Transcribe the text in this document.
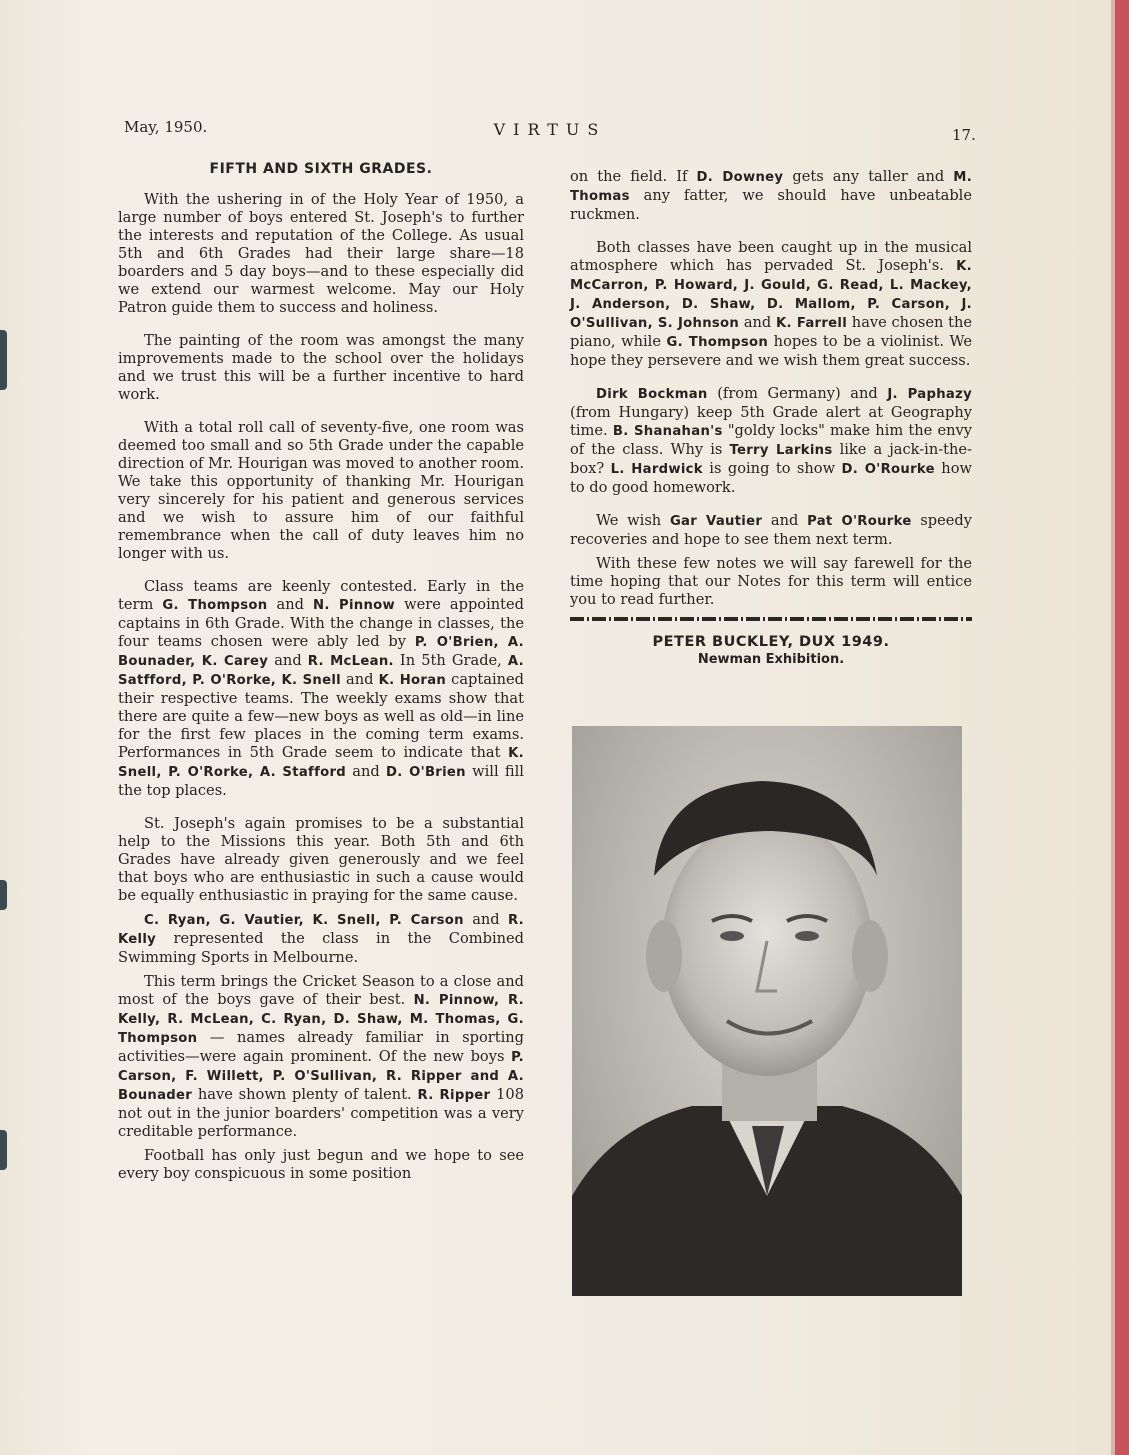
May, 1950.	VIRTUS	17.
FIFTH AND SIXTH GRADES.

With the ushering in of the Holy Year of 1950, a large number of boys entered St. Joseph's to further the interests and reputation of the College. As usual 5th and 6th Grades had their large share—18 boarders and 5 day boys—and to these especially did we extend our warmest welcome. May our Holy Patron guide them to success and holiness.

The painting of the room was amongst the many improvements made to the school over the holidays and we trust this will be a further incentive to hard work.

With a total roll call of seventy-five, one room was deemed too small and so 5th Grade under the capable direction of Mr. Hourigan was moved to another room. We take this opportunity of thanking Mr. Hourigan very sincerely for his patient and generous services and we wish to assure him of our faithful remembrance when the call of duty leaves him no longer with us.

Class teams are keenly contested. Early in the term G. Thompson and N. Pinnow were appointed captains in 6th Grade. With the change in classes, the four teams chosen were ably led by P. O'Brien, A. Bounader, K. Carey and R. McLean. In 5th Grade, A. Satfford, P. O'Rorke, K. Snell and K. Horan captained their respective teams. The weekly exams show that there are quite a few—new boys as well as old—in line for the first few places in the coming term exams. Performances in 5th Grade seem to indicate that K. Snell, P. O'Rorke, A. Stafford and D. O'Brien will fill the top places.

St. Joseph's again promises to be a substantial help to the Missions this year. Both 5th and 6th Grades have already given generously and we feel that boys who are enthusiastic in such a cause would be equally enthusiastic in praying for the same cause.

C. Ryan, G. Vautier, K. Snell, P. Carson and R. Kelly represented the class in the Combined Swimming Sports in Melbourne.

This term brings the Cricket Season to a close and most of the boys gave of their best. N. Pinnow, R. Kelly, R. McLean, C. Ryan, D. Shaw, M. Thomas, G. Thompson — names already familiar in sporting activities—were again prominent. Of the new boys P. Carson, F. Willett, P. O'Sullivan, R. Ripper and A. Bounader have shown plenty of talent. R. Ripper 108 not out in the junior boarders' competition was a very creditable performance.

Football has only just begun and we hope to see every boy conspicuous in some position

on the field. If D. Downey gets any taller and M. Thomas any fatter, we should have unbeatable ruckmen.

Both classes have been caught up in the musical atmosphere which has pervaded St. Joseph's. K. McCarron, P. Howard, J. Gould, G. Read, L. Mackey, J. Anderson, D. Shaw, D. Mallom, P. Carson, J. O'Sullivan, S. Johnson and K. Farrell have chosen the piano, while G. Thompson hopes to be a violinist. We hope they persevere and we wish them great success.

Dirk Bockman (from Germany) and J. Paphazy (from Hungary) keep 5th Grade alert at Geography time. B. Shanahan's "goldy locks" make him the envy of the class. Why is Terry Larkins like a jack-in-the-box? L. Hardwick is going to show D. O'Rourke how to do good homework.

We wish Gar Vautier and Pat O'Rourke speedy recoveries and hope to see them next term.

With these few notes we will say farewell for the time hoping that our Notes for this term will entice you to read further.

PETER BUCKLEY, DUX 1949.

Newman Exhibition.
